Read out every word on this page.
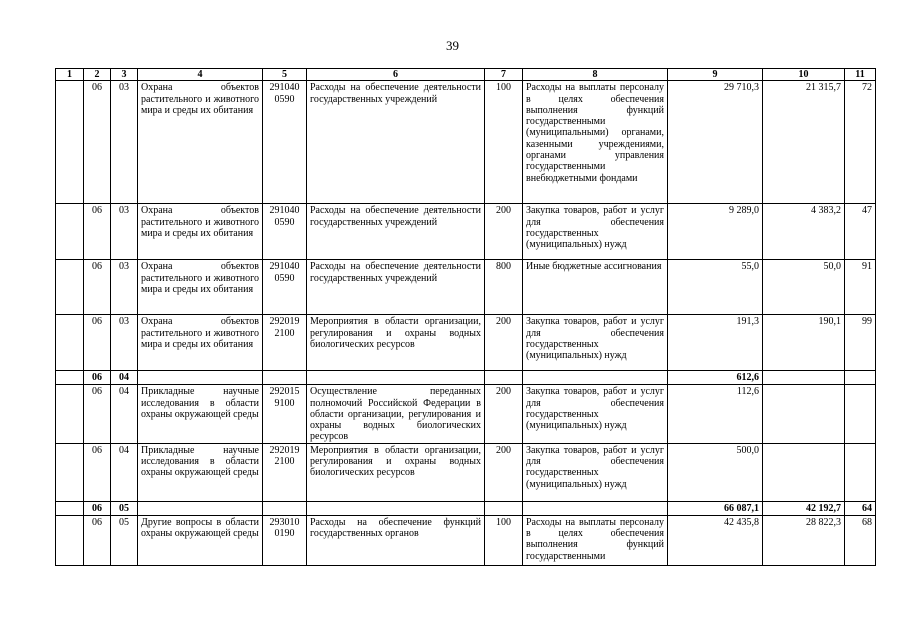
39
1	2	3	4	5	6	7	8	9	10	11
	06	03	Охрана объектов растительного и животного мира и среды их обитания	291040 0590	Расходы на обеспечение деятельности государственных учреждений	100	Расходы на выплаты персоналу в целях обеспечения выполнения функций государственными (муниципальными) органами, казенными учреждениями, органами управления государственными внебюджетными фондами	29 710,3	21 315,7	72
	06	03	Охрана объектов растительного и животного мира и среды их обитания	291040 0590	Расходы на обеспечение деятельности государственных учреждений	200	Закупка товаров, работ и услуг для обеспечения государственных (муниципальных) нужд	9 289,0	4 383,2	47
	06	03	Охрана объектов растительного и животного мира и среды их обитания	291040 0590	Расходы на обеспечение деятельности государственных учреждений	800	Иные бюджетные ассигнования	55,0	50,0	91
	06	03	Охрана объектов растительного и животного мира и среды их обитания	292019 2100	Мероприятия в области организации, регулирования и охраны водных биологических ресурсов	200	Закупка товаров, работ и услуг для обеспечения государственных (муниципальных) нужд	191,3	190,1	99
	06	04						612,6		
	06	04	Прикладные научные исследования в области охраны окружающей среды	292015 9100	Осуществление переданных полномочий Российской Федерации в области организации, регулирования и охраны водных биологических ресурсов	200	Закупка товаров, работ и услуг для обеспечения государственных (муниципальных) нужд	112,6		
	06	04	Прикладные научные исследования в области охраны окружающей среды	292019 2100	Мероприятия в области организации, регулирования и охраны водных биологических ресурсов	200	Закупка товаров, работ и услуг для обеспечения государственных (муниципальных) нужд	500,0		
	06	05						66 087,1	42 192,7	64
	06	05	Другие вопросы в области охраны окружающей среды	293010 0190	Расходы на обеспечение функций государственных органов	100	Расходы на выплаты персоналу в целях обеспечения выполнения функций государственными	42 435,8	28 822,3	68
